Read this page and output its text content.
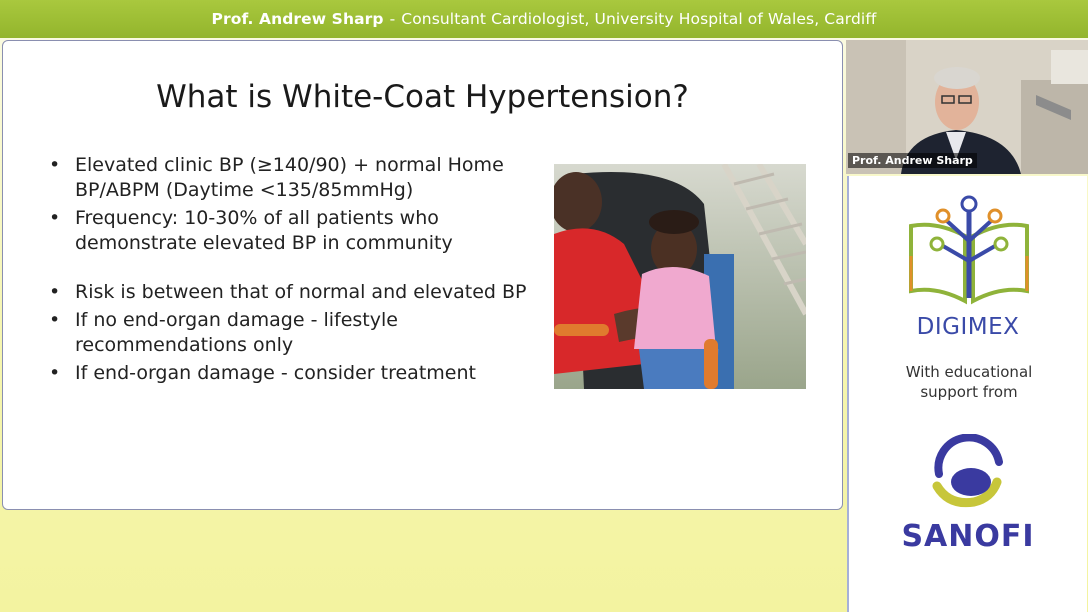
Prof. Andrew Sharp - Consultant Cardiologist, University Hospital of Wales, Cardiff
What is White-Coat Hypertension?
• Elevated clinic BP (≥140/90) + normal Home BP/ABPM (Daytime <135/85mmHg)
• Frequency: 10-30% of all patients who demonstrate elevated BP in community
• Risk is between that of normal and elevated BP
• If no end-organ damage - lifestyle recommendations only
• If end-organ damage - consider treatment
Prof. Andrew Sharp
DIGIMEX
With educational support from
SANOFI
